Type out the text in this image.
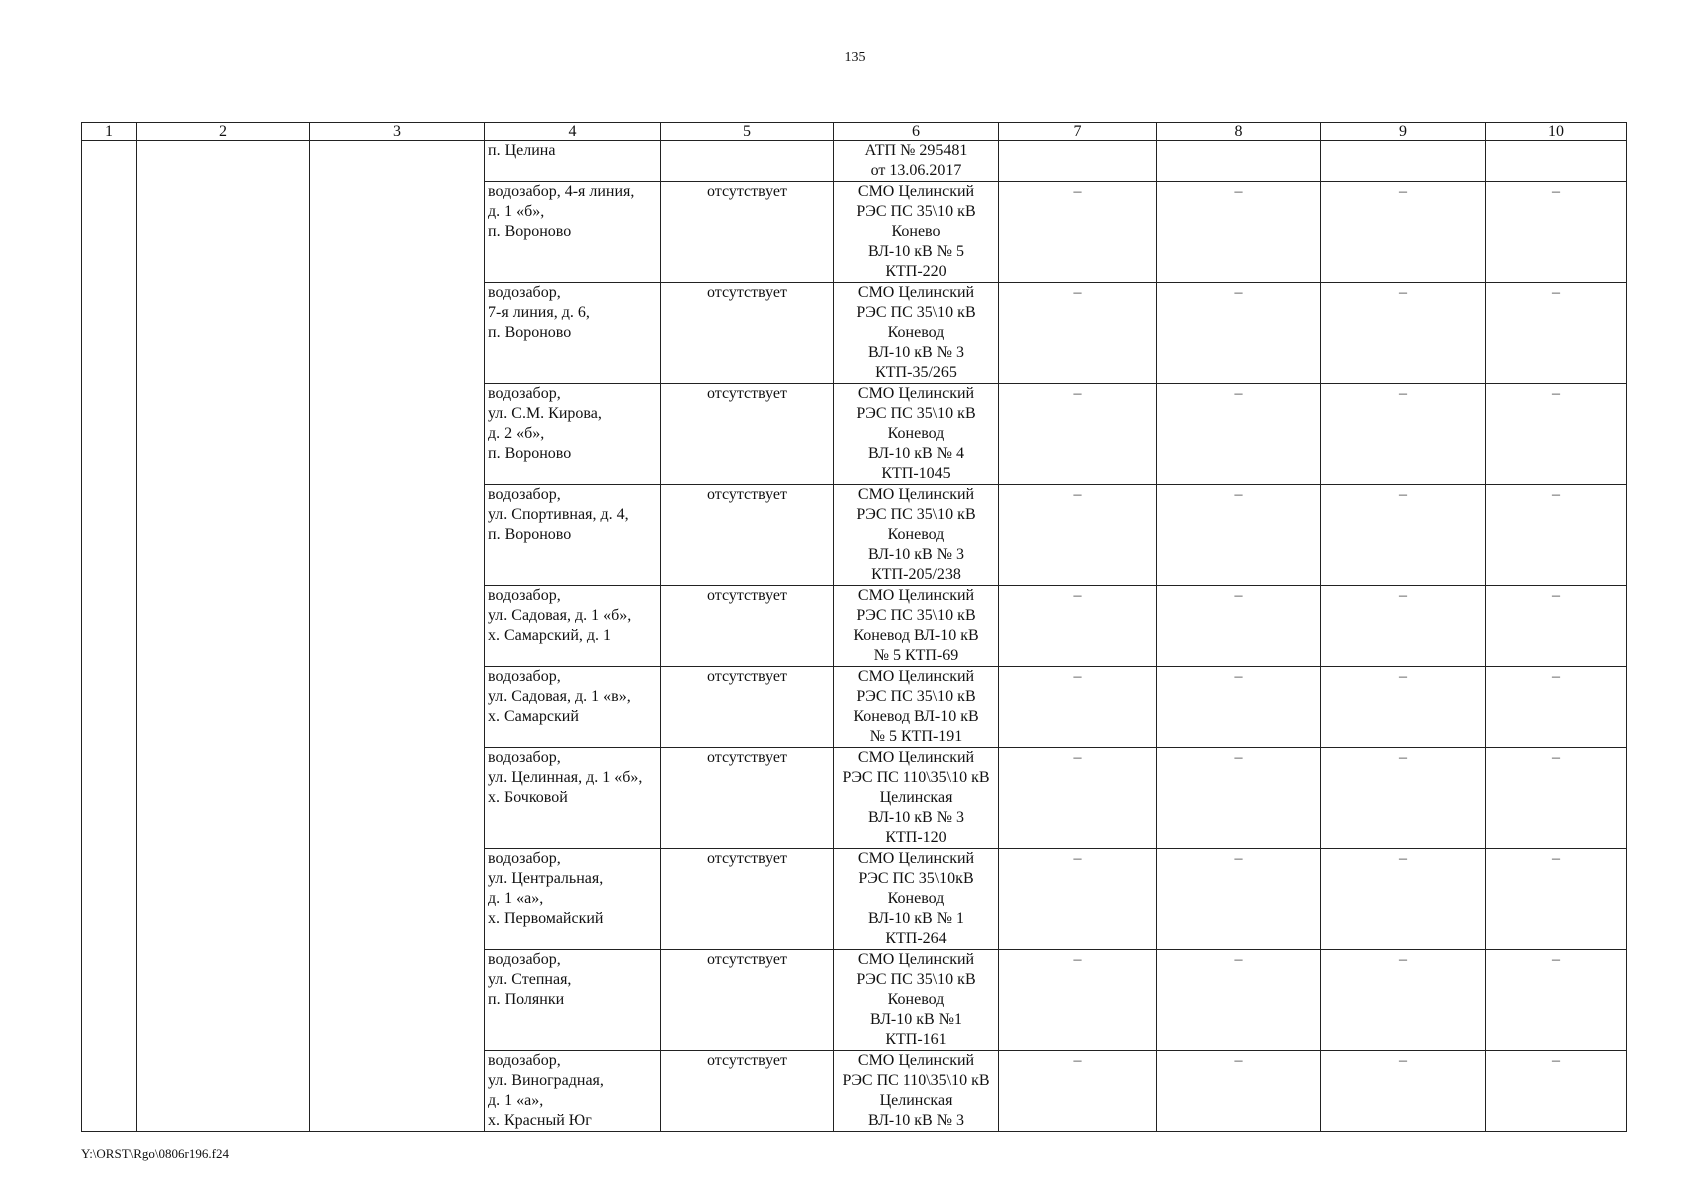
135
1	2	3	4	5	6	7	8	9	10

			п. Целина		АТП № 295481
от 13.06.2017				

			водозабор, 4-я линия,
д. 1 «б»,
п. Вороново	отсутствует	СМО Целинский
РЭС ПС 35\10 кВ
Конево
ВЛ-10 кВ № 5
КТП-220	–	–	–	–

			водозабор,
7-я линия, д. 6,
п. Вороново	отсутствует	СМО Целинский
РЭС ПС 35\10 кВ
Коневод
ВЛ-10 кВ № 3
КТП-35/265	–	–	–	–

			водозабор,
ул. С.М. Кирова,
д. 2 «б»,
п. Вороново	отсутствует	СМО Целинский
РЭС ПС 35\10 кВ
Коневод
ВЛ-10 кВ № 4
КТП-1045	–	–	–	–

			водозабор,
ул. Спортивная, д. 4,
п. Вороново	отсутствует	СМО Целинский
РЭС ПС 35\10 кВ
Коневод
ВЛ-10 кВ № 3
КТП-205/238	–	–	–	–

			водозабор,
ул. Садовая, д. 1 «б»,
х. Самарский, д. 1	отсутствует	СМО Целинский
РЭС ПС 35\10 кВ
Коневод ВЛ-10 кВ
№ 5 КТП-69	–	–	–	–

			водозабор,
ул. Садовая, д. 1 «в»,
х. Самарский	отсутствует	СМО Целинский
РЭС ПС 35\10 кВ
Коневод ВЛ-10 кВ
№ 5 КТП-191	–	–	–	–

			водозабор,
ул. Целинная, д. 1 «б»,
х. Бочковой	отсутствует	СМО Целинский
РЭС ПС 110\35\10 кВ
Целинская
ВЛ-10 кВ № 3
КТП-120	–	–	–	–

			водозабор,
ул. Центральная,
д. 1 «а»,
х. Первомайский	отсутствует	СМО Целинский
РЭС ПС 35\10кВ
Коневод
ВЛ-10 кВ № 1
КТП-264	–	–	–	–

			водозабор,
ул. Степная,
п. Полянки	отсутствует	СМО Целинский
РЭС ПС 35\10 кВ
Коневод
ВЛ-10 кВ №1
КТП-161	–	–	–	–

			водозабор,
ул. Виноградная,
д. 1 «а»,
х. Красный Юг	отсутствует	СМО Целинский
РЭС ПС 110\35\10 кВ
Целинская
ВЛ-10 кВ № 3	–	–	–	–
Y:\ORST\Rgo\0806r196.f24
